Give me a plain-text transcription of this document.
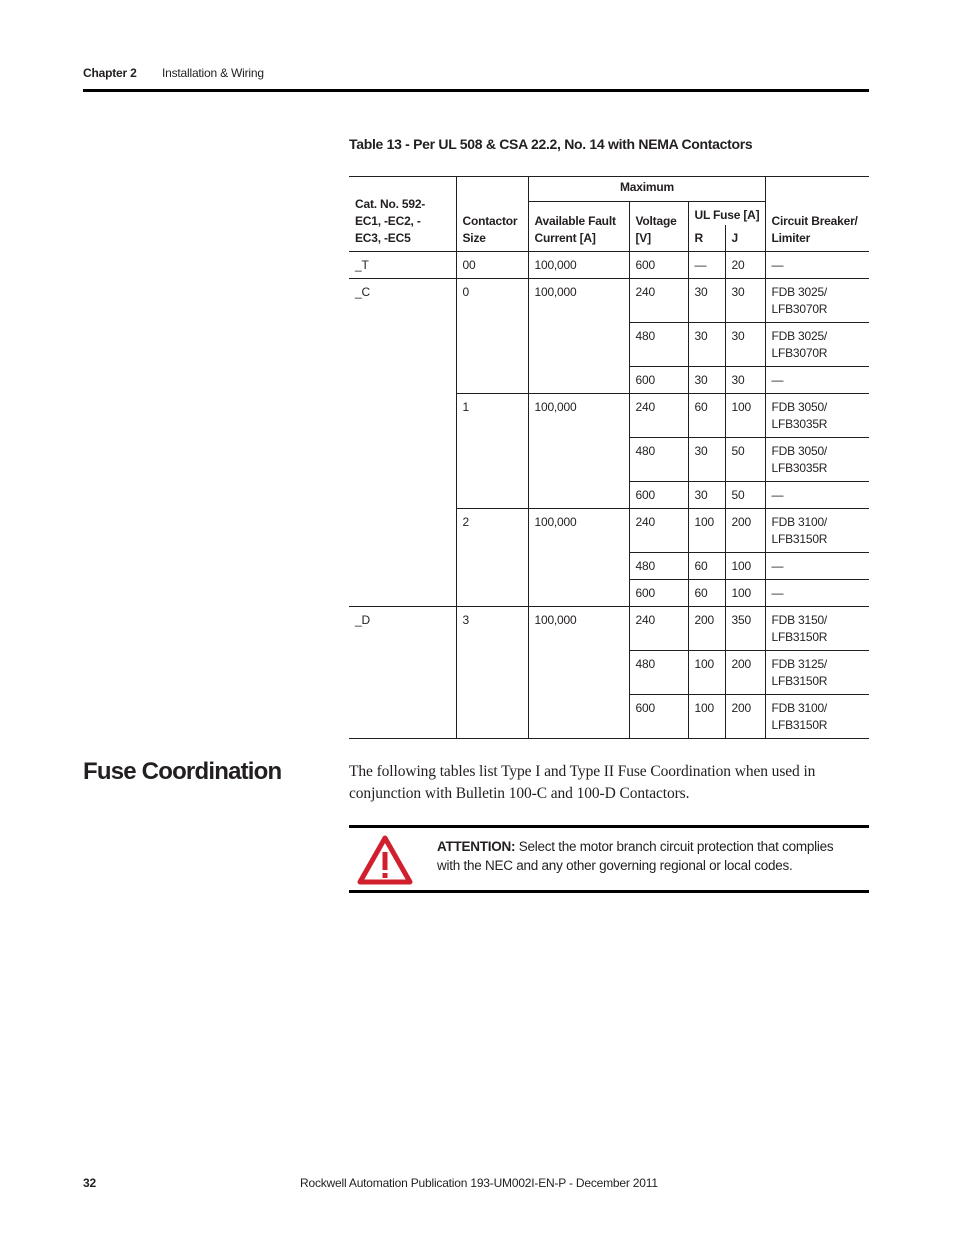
Chapter 2 Installation & Wiring
Table 13 - Per UL 508 & CSA 22.2, No. 14 with NEMA Contactors
Cat. No. 592-EC1, -EC2, -EC3, -EC5	Contactor Size	Maximum				Circuit Breaker/ Limiter
		Available Fault Current [A]	Voltage [V]	UL Fuse [A]		
				R	J	
_T	00	100,000	600	—	20	—
_C	0	100,000	240	30	30	FDB 3025/ LFB3070R
			480	30	30	FDB 3025/ LFB3070R
			600	30	30	—
	1	100,000	240	60	100	FDB 3050/ LFB3035R
			480	30	50	FDB 3050/ LFB3035R
			600	30	50	—
	2	100,000	240	100	200	FDB 3100/ LFB3150R
			480	60	100	—
			600	60	100	—
_D	3	100,000	240	200	350	FDB 3150/ LFB3150R
			480	100	200	FDB 3125/ LFB3150R
			600	100	200	FDB 3100/ LFB3150R
Fuse Coordination	The following tables list Type I and Type II Fuse Coordination when used in conjunction with Bulletin 100-C and 100-D Contactors.

ATTENTION: Select the motor branch circuit protection that complies with the NEC and any other governing regional or local codes.
32	Rockwell Automation Publication 193-UM002I-EN-P - December 2011
